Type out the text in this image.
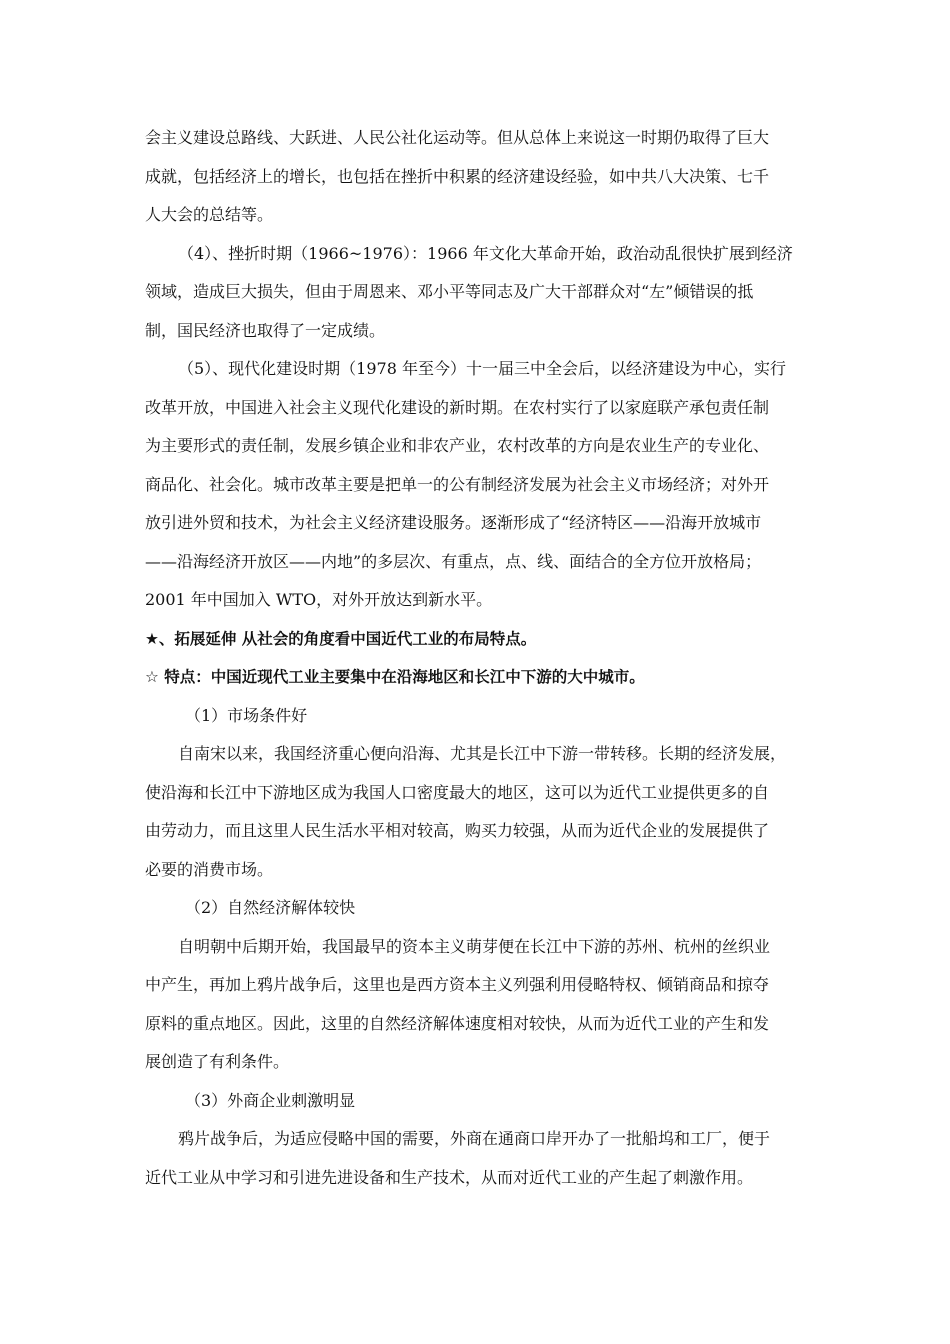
会主义建设总路线、大跃进、人民公社化运动等。但从总体上来说这一时期仍取得了巨大
成就，包括经济上的增长，也包括在挫折中积累的经济建设经验，如中共八大决策、七千
人大会的总结等。
（4）、挫折时期（1966~1976）：1966 年文化大革命开始，政治动乱很快扩展到经济
领域，造成巨大损失，但由于周恩来、邓小平等同志及广大干部群众对“左”倾错误的抵
制，国民经济也取得了一定成绩。
（5）、现代化建设时期（1978 年至今）十一届三中全会后，以经济建设为中心，实行
改革开放，中国进入社会主义现代化建设的新时期。在农村实行了以家庭联产承包责任制
为主要形式的责任制，发展乡镇企业和非农产业，农村改革的方向是农业生产的专业化、
商品化、社会化。城市改革主要是把单一的公有制经济发展为社会主义市场经济；对外开
放引进外贸和技术，为社会主义经济建设服务。逐渐形成了“经济特区——沿海开放城市
——沿海经济开放区——内地”的多层次、有重点，点、线、面结合的全方位开放格局；
2001 年中国加入 WTO，对外开放达到新水平。
★、拓展延伸 从社会的角度看中国近代工业的布局特点。
☆ 特点：中国近现代工业主要集中在沿海地区和长江中下游的大中城市。
（1）市场条件好
自南宋以来，我国经济重心便向沿海、尤其是长江中下游一带转移。长期的经济发展，
使沿海和长江中下游地区成为我国人口密度最大的地区，这可以为近代工业提供更多的自
由劳动力，而且这里人民生活水平相对较高，购买力较强，从而为近代企业的发展提供了
必要的消费市场。
（2）自然经济解体较快
自明朝中后期开始，我国最早的资本主义萌芽便在长江中下游的苏州、杭州的丝织业
中产生，再加上鸦片战争后，这里也是西方资本主义列强利用侵略特权、倾销商品和掠夺
原料的重点地区。因此，这里的自然经济解体速度相对较快，从而为近代工业的产生和发
展创造了有利条件。
（3）外商企业刺激明显
鸦片战争后，为适应侵略中国的需要，外商在通商口岸开办了一批船坞和工厂，便于
近代工业从中学习和引进先进设备和生产技术，从而对近代工业的产生起了刺激作用。
